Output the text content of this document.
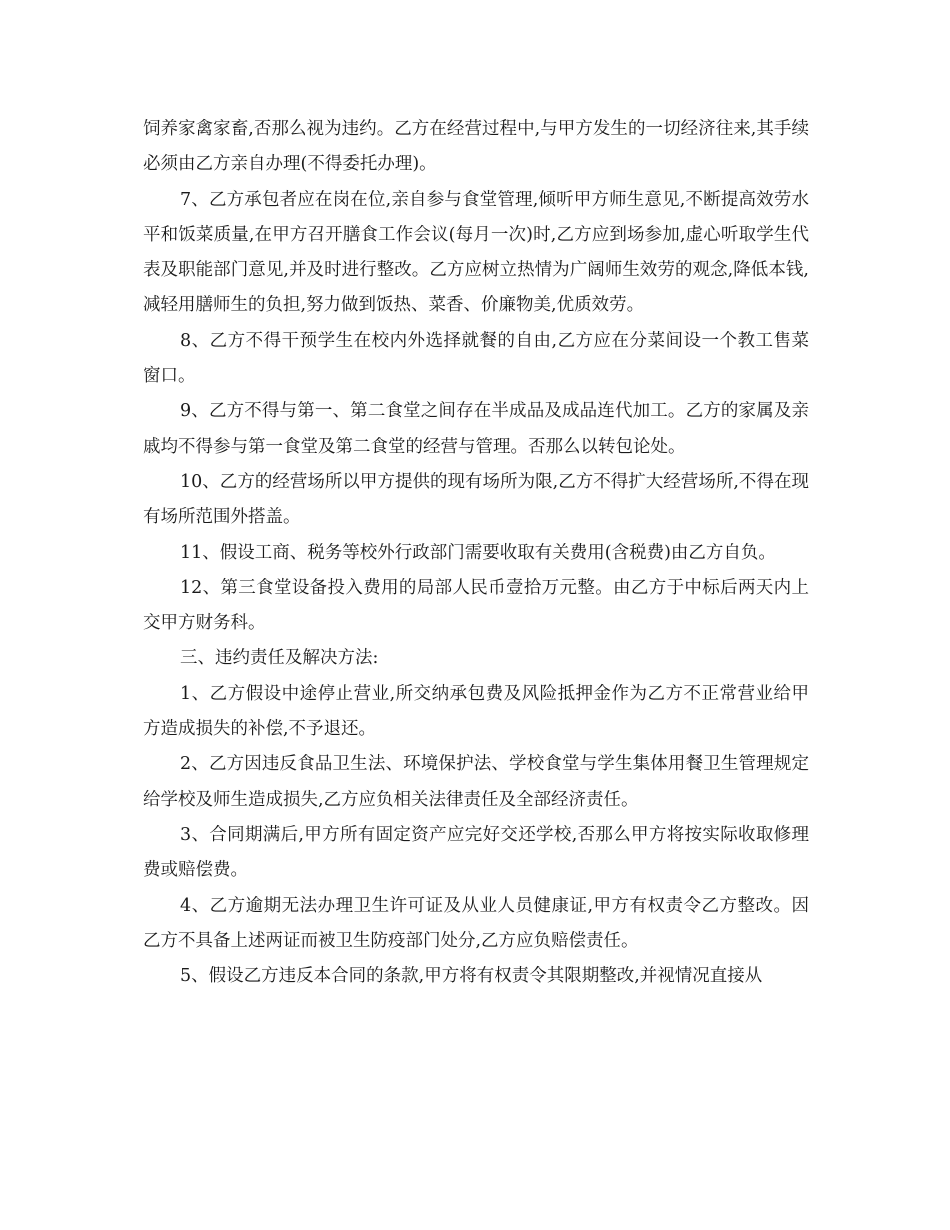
饲养家禽家畜,否那么视为违约。乙方在经营过程中,与甲方发生的一切经济往来,其手续必须由乙方亲自办理(不得委托办理)。

7、乙方承包者应在岗在位,亲自参与食堂管理,倾听甲方师生意见,不断提高效劳水平和饭菜质量,在甲方召开膳食工作会议(每月一次)时,乙方应到场参加,虚心听取学生代表及职能部门意见,并及时进行整改。乙方应树立热情为广阔师生效劳的观念,降低本钱,减轻用膳师生的负担,努力做到饭热、菜香、价廉物美,优质效劳。

8、乙方不得干预学生在校内外选择就餐的自由,乙方应在分菜间设一个教工售菜窗口。

9、乙方不得与第一、第二食堂之间存在半成品及成品连代加工。乙方的家属及亲戚均不得参与第一食堂及第二食堂的经营与管理。否那么以转包论处。

10、乙方的经营场所以甲方提供的现有场所为限,乙方不得扩大经营场所,不得在现有场所范围外搭盖。

11、假设工商、税务等校外行政部门需要收取有关费用(含税费)由乙方自负。

12、第三食堂设备投入费用的局部人民币壹拾万元整。由乙方于中标后两天内上交甲方财务科。

三、违约责任及解决方法:

1、乙方假设中途停止营业,所交纳承包费及风险抵押金作为乙方不正常营业给甲方造成损失的补偿,不予退还。

2、乙方因违反食品卫生法、环境保护法、学校食堂与学生集体用餐卫生管理规定给学校及师生造成损失,乙方应负相关法律责任及全部经济责任。

3、合同期满后,甲方所有固定资产应完好交还学校,否那么甲方将按实际收取修理费或赔偿费。

4、乙方逾期无法办理卫生许可证及从业人员健康证,甲方有权责令乙方整改。因乙方不具备上述两证而被卫生防疫部门处分,乙方应负赔偿责任。

5、假设乙方违反本合同的条款,甲方将有权责令其限期整改,并视情况直接从
